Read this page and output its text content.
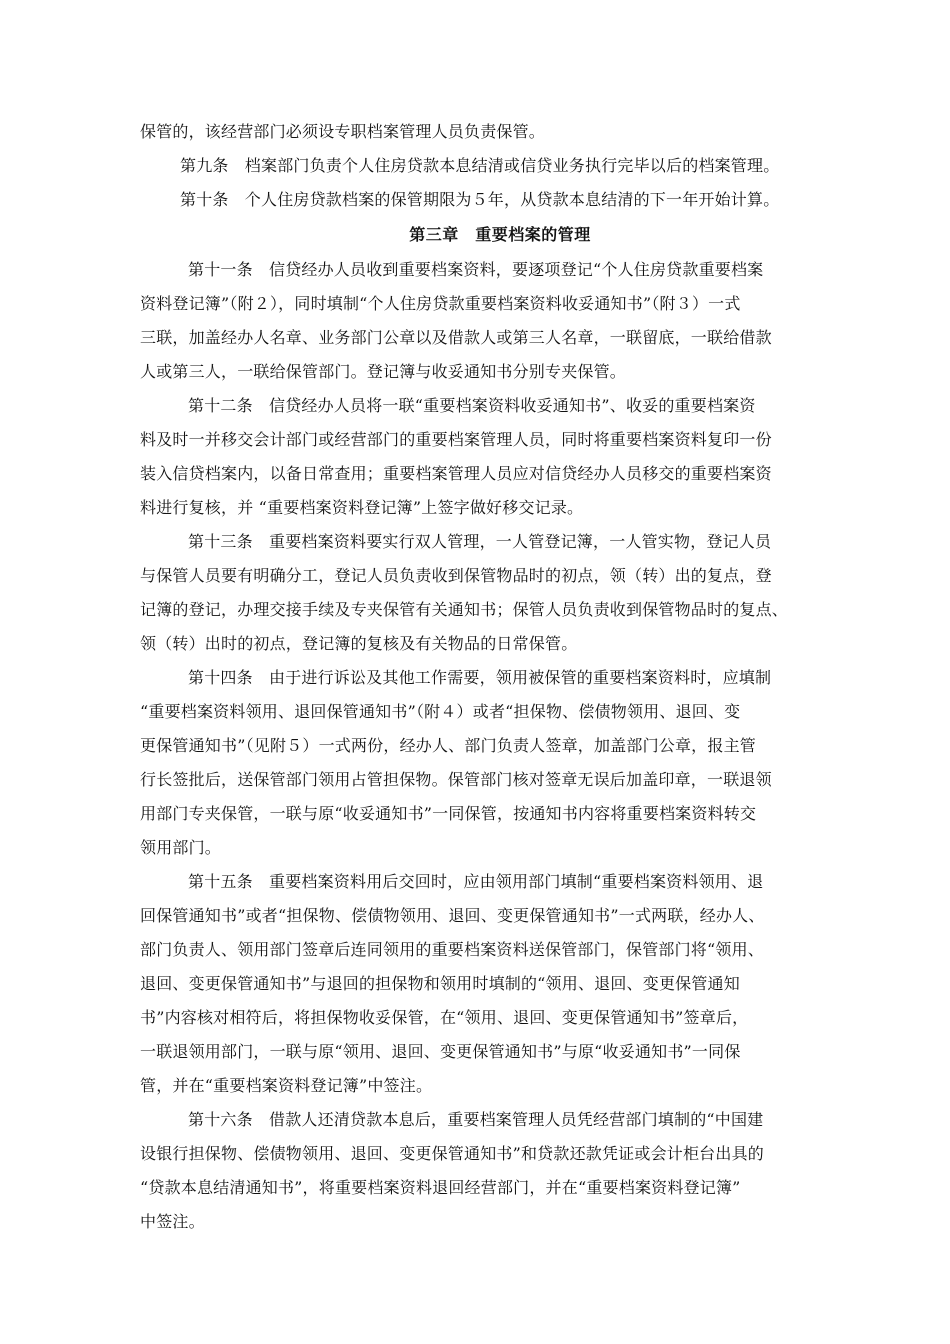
保管的，该经营部门必须设专职档案管理人员负责保管。
第九条　档案部门负责个人住房贷款本息结清或信贷业务执行完毕以后的档案管理。
第十条　个人住房贷款档案的保管期限为５年，从贷款本息结清的下一年开始计算。
第三章　重要档案的管理
第十一条　信贷经办人员收到重要档案资料，要逐项登记“个人住房贷款重要档案
资料登记簿”（附２），同时填制“个人住房贷款重要档案资料收妥通知书”（附３）一式
三联，加盖经办人名章、业务部门公章以及借款人或第三人名章，一联留底，一联给借款
人或第三人，一联给保管部门。登记簿与收妥通知书分别专夹保管。
第十二条　信贷经办人员将一联“重要档案资料收妥通知书”、收妥的重要档案资
料及时一并移交会计部门或经营部门的重要档案管理人员，同时将重要档案资料复印一份
装入信贷档案内，以备日常查用；重要档案管理人员应对信贷经办人员移交的重要档案资
料进行复核，并 “重要档案资料登记簿”上签字做好移交记录。
第十三条　重要档案资料要实行双人管理，一人管登记簿，一人管实物，登记人员
与保管人员要有明确分工，登记人员负责收到保管物品时的初点，领（转）出的复点，登
记簿的登记，办理交接手续及专夹保管有关通知书；保管人员负责收到保管物品时的复点、
领（转）出时的初点，登记簿的复核及有关物品的日常保管。
第十四条　由于进行诉讼及其他工作需要，领用被保管的重要档案资料时，应填制
“重要档案资料领用、退回保管通知书”（附４）或者“担保物、偿债物领用、退回、变
更保管通知书”（见附５）一式两份，经办人、部门负责人签章，加盖部门公章，报主管
行长签批后，送保管部门领用占管担保物。保管部门核对签章无误后加盖印章，一联退领
用部门专夹保管，一联与原“收妥通知书”一同保管，按通知书内容将重要档案资料转交
领用部门。
第十五条　重要档案资料用后交回时，应由领用部门填制“重要档案资料领用、退
回保管通知书”或者“担保物、偿债物领用、退回、变更保管通知书”一式两联，经办人、
部门负责人、领用部门签章后连同领用的重要档案资料送保管部门，保管部门将“领用、
退回、变更保管通知书”与退回的担保物和领用时填制的“领用、退回、变更保管通知
书”内容核对相符后，将担保物收妥保管，在“领用、退回、变更保管通知书”签章后，
一联退领用部门，一联与原“领用、退回、变更保管通知书”与原“收妥通知书”一同保
管，并在“重要档案资料登记簿”中签注。
第十六条　借款人还清贷款本息后，重要档案管理人员凭经营部门填制的“中国建
设银行担保物、偿债物领用、退回、变更保管通知书”和贷款还款凭证或会计柜台出具的
“贷款本息结清通知书”，将重要档案资料退回经营部门，并在“重要档案资料登记簿”
中签注。
